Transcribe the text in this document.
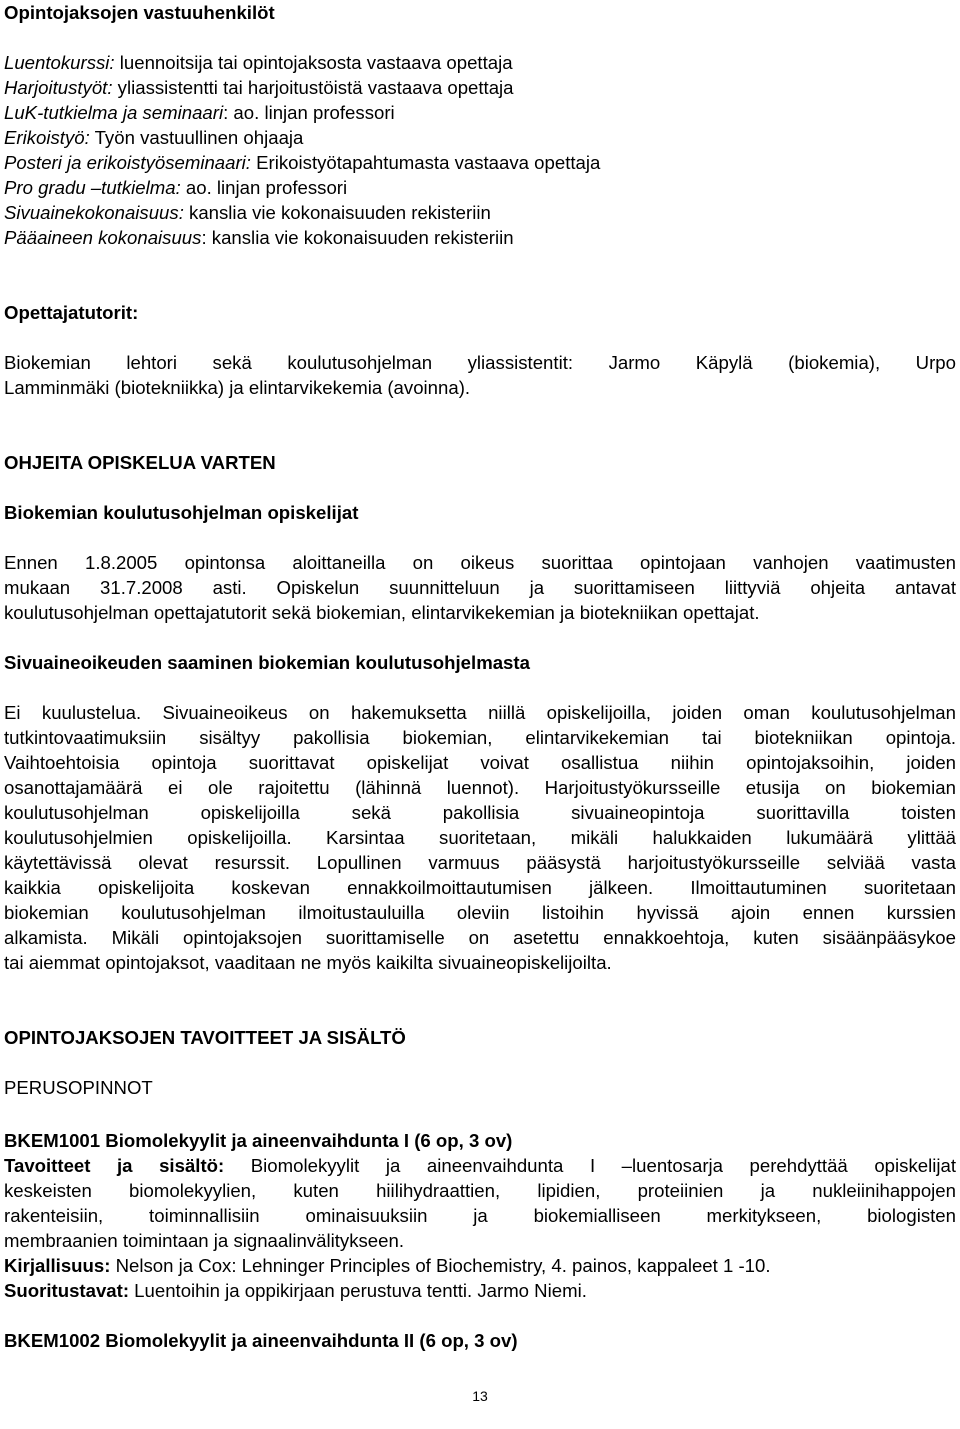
Opintojaksojen vastuuhenkilöt
Luentokurssi: luennoitsija tai opintojaksosta vastaava opettaja
Harjoitustyöt: yliassistentti tai harjoitustöistä vastaava opettaja
LuK-tutkielma ja seminaari: ao. linjan professori
Erikoistyö: Työn vastuullinen ohjaaja
Posteri ja erikoistyöseminaari: Erikoistyötapahtumasta vastaava opettaja
Pro gradu –tutkielma: ao. linjan professori
Sivuainekokonaisuus: kanslia vie kokonaisuuden rekisteriin
Pääaineen kokonaisuus: kanslia vie kokonaisuuden rekisteriin
Opettajatutorit:
Biokemian lehtori sekä koulutusohjelman yliassistentit: Jarmo Käpylä (biokemia), Urpo
Lamminmäki (biotekniikka) ja elintarvikekemia (avoinna).
OHJEITA OPISKELUA VARTEN
Biokemian koulutusohjelman opiskelijat
Ennen 1.8.2005 opintonsa aloittaneilla on oikeus suorittaa opintojaan vanhojen vaatimusten
mukaan 31.7.2008 asti. Opiskelun suunnitteluun ja suorittamiseen liittyviä ohjeita antavat
koulutusohjelman opettajatutorit sekä biokemian, elintarvikekemian ja biotekniikan opettajat.
Sivuaineoikeuden saaminen biokemian koulutusohjelmasta
Ei kuulustelua. Sivuaineoikeus on hakemuksetta niillä opiskelijoilla, joiden oman koulutusohjelman
tutkintovaatimuksiin sisältyy pakollisia biokemian, elintarvikekemian tai biotekniikan opintoja.
Vaihtoehtoisia opintoja suorittavat opiskelijat voivat osallistua niihin opintojaksoihin, joiden
osanottajamäärä ei ole rajoitettu (lähinnä luennot). Harjoitustyökursseille etusija on biokemian
koulutusohjelman opiskelijoilla sekä pakollisia sivuaineopintoja suorittavilla toisten
koulutusohjelmien opiskelijoilla. Karsintaa suoritetaan, mikäli halukkaiden lukumäärä ylittää
käytettävissä olevat resurssit. Lopullinen varmuus pääsystä harjoitustyökursseille selviää vasta
kaikkia opiskelijoita koskevan ennakkoilmoittautumisen jälkeen. Ilmoittautuminen suoritetaan
biokemian koulutusohjelman ilmoitustauluilla oleviin listoihin hyvissä ajoin ennen kurssien
alkamista. Mikäli opintojaksojen suorittamiselle on asetettu ennakkoehtoja, kuten sisäänpääsykoe
tai aiemmat opintojaksot, vaaditaan ne myös kaikilta sivuaineopiskelijoilta.
OPINTOJAKSOJEN TAVOITTEET JA SISÄLTÖ
PERUSOPINNOT
BKEM1001 Biomolekyylit ja aineenvaihdunta I (6 op, 3 ov)
Tavoitteet ja sisältö: Biomolekyylit ja aineenvaihdunta I –luentosarja perehdyttää opiskelijat
keskeisten biomolekyylien, kuten hiilihydraattien, lipidien, proteiinien ja nukleiinihappojen
rakenteisiin, toiminnallisiin ominaisuuksiin ja biokemialliseen merkitykseen, biologisten
membraanien toimintaan ja signaalinvälitykseen.
Kirjallisuus: Nelson ja Cox: Lehninger Principles of Biochemistry, 4. painos, kappaleet 1 -10.
Suoritustavat: Luentoihin ja oppikirjaan perustuva tentti. Jarmo Niemi.
BKEM1002 Biomolekyylit ja aineenvaihdunta II (6 op, 3 ov)
13
